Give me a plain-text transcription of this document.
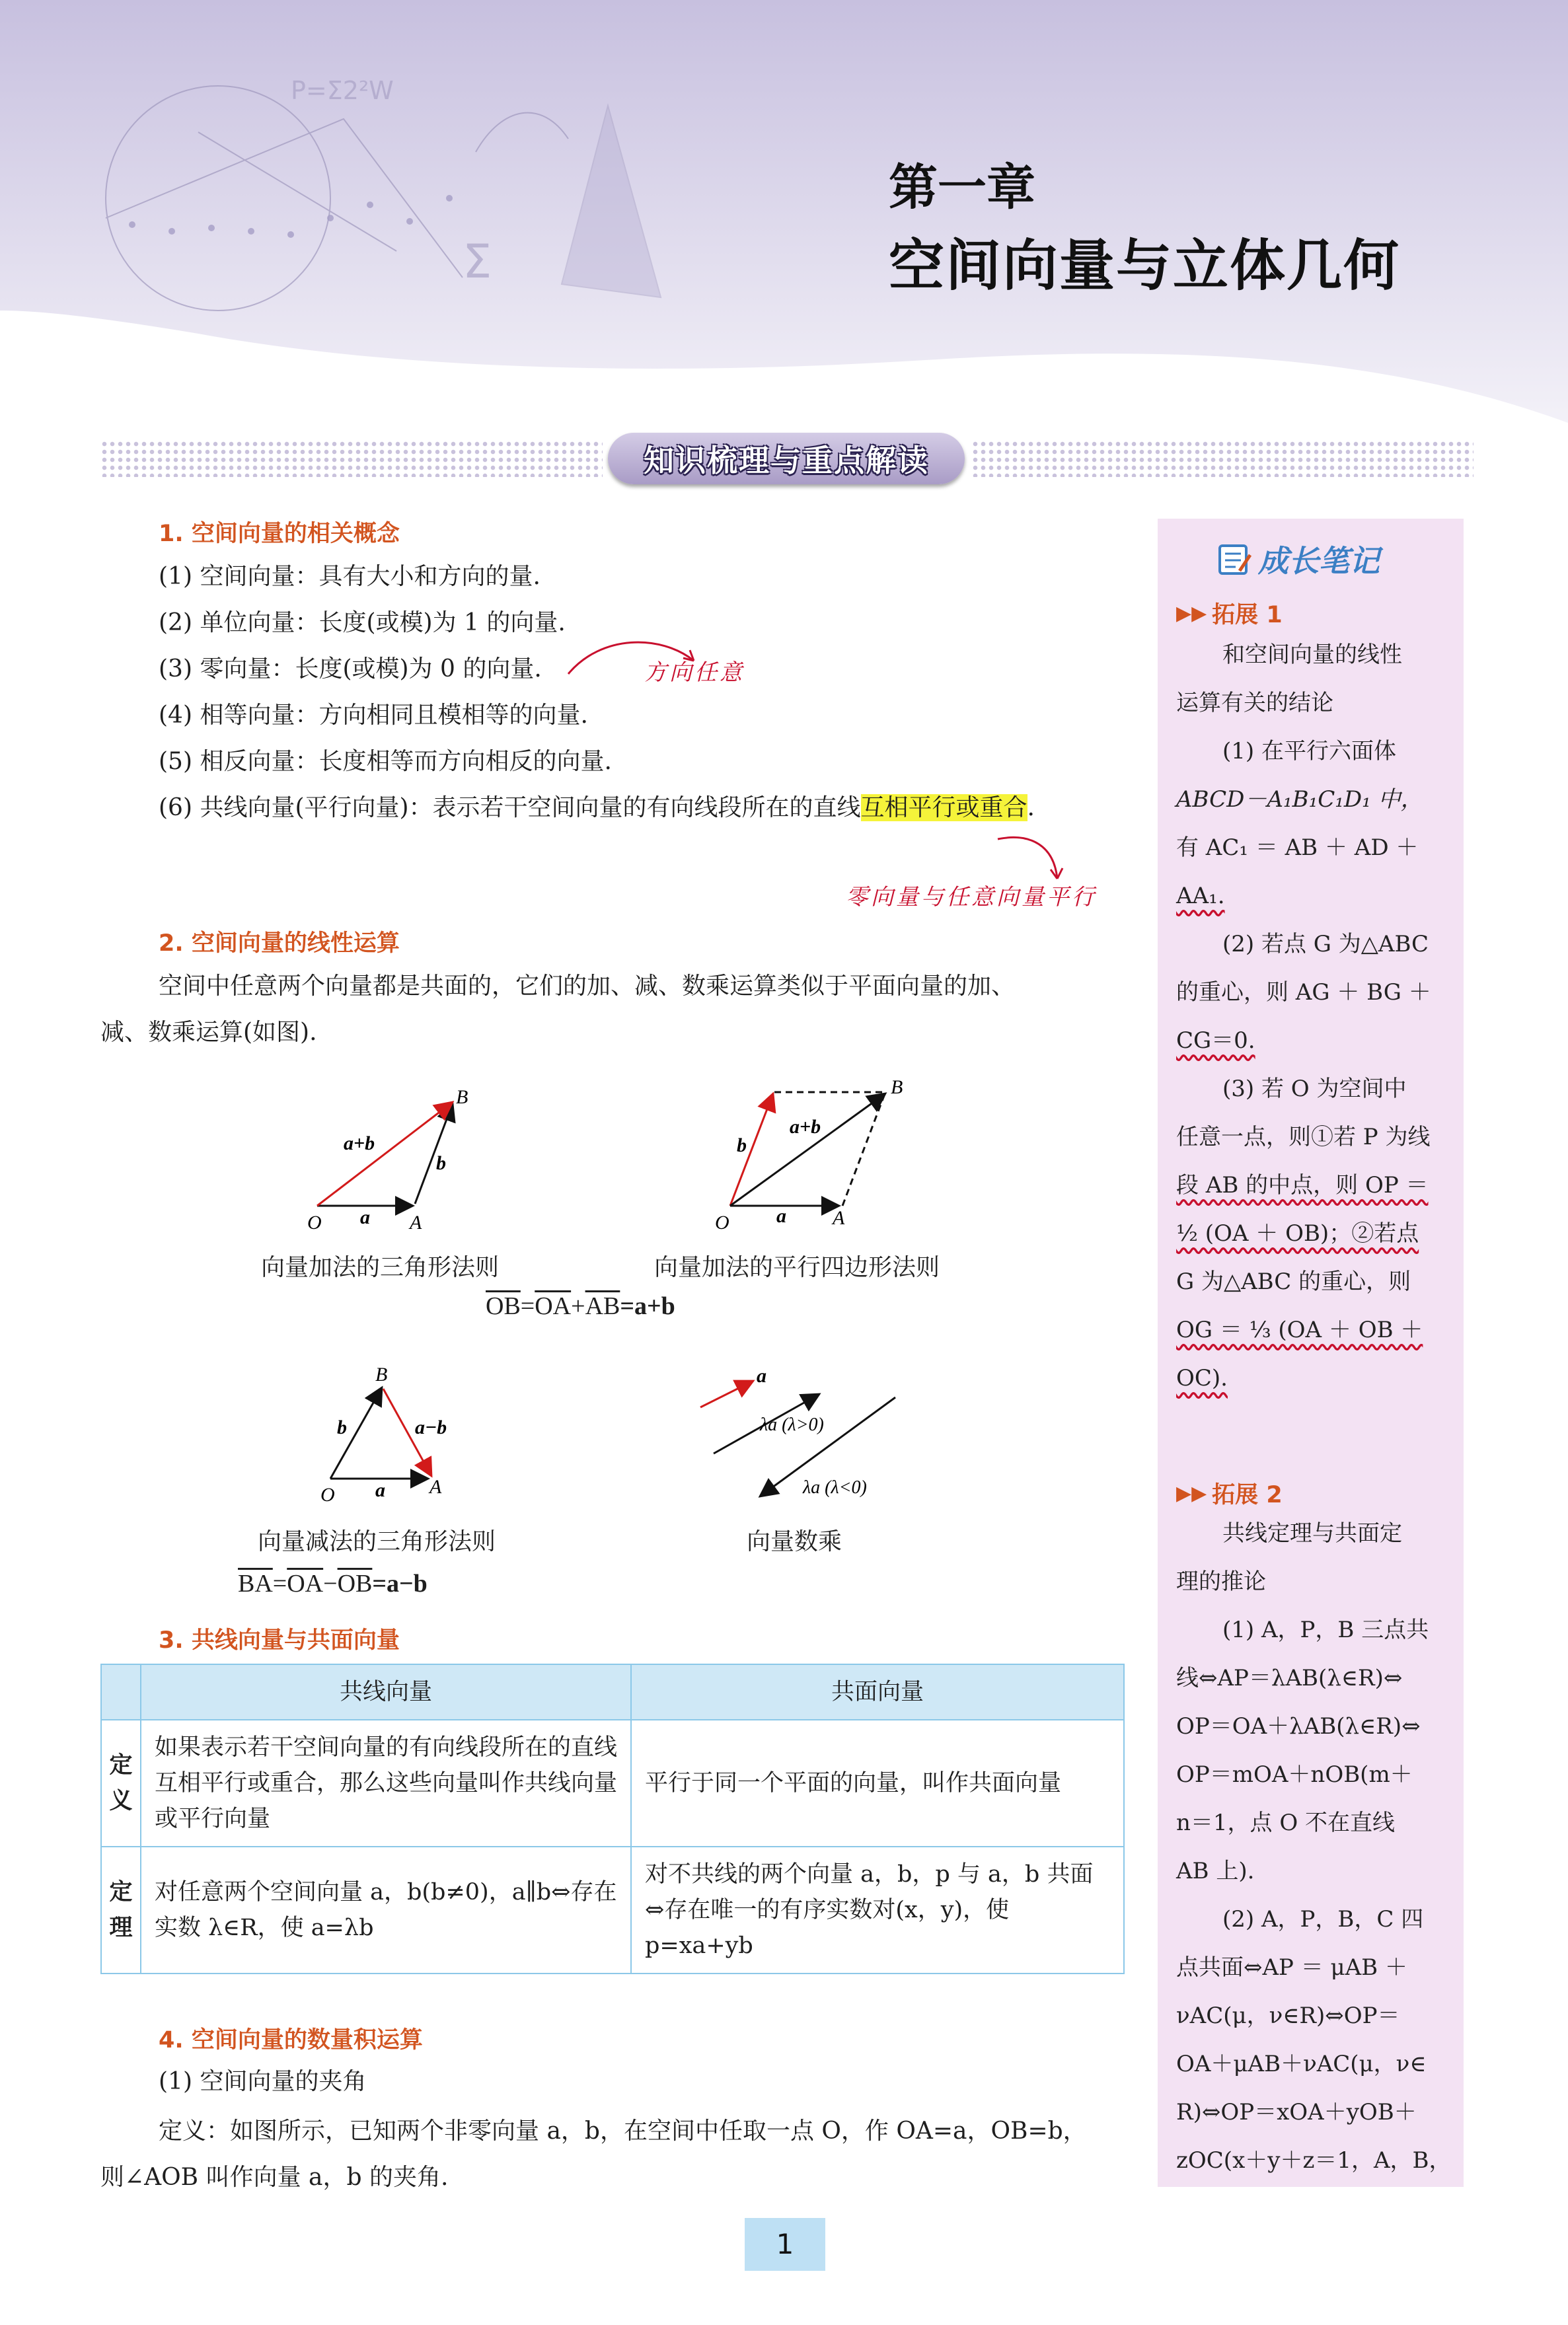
P=Σ2²W
Σ
第一章
空间向量与立体几何
知识梳理与重点解读
1. 空间向量的相关概念
(1) 空间向量：具有大小和方向的量.
(2) 单位向量：长度(或模)为 1 的向量.
(3) 零向量：长度(或模)为 0 的向量.
(4) 相等向量：方向相同且模相等的向量.
(5) 相反向量：长度相等而方向相反的向量.
(6) 共线向量(平行向量)：表示若干空间向量的有向线段所在的直线互相平行或重合.
方向任意
零向量与任意向量平行
2. 空间向量的线性运算
空间中任意两个向量都是共面的，它们的加、减、数乘运算类似于平面向量的加、
减、数乘运算(如图).
O	A
B
a
b
a+b
向量加法的三角形法则
O	A
B
a
b
a+b
向量加法的平行四边形法则
$\overline{OB}=\overline{OA}+\overline{AB}=a+b$
O	A
B
a
b	a−b
向量减法的三角形法则
a
λa (λ>0)
λa (λ<0)
向量数乘
$\overline{BA}=\overline{OA}-\overline{OB}=a-b$
3. 共线向量与共面向量
	共线向量	共面向量
定义	如果表示若干空间向量的有向线段所在的直线互相平行或重合，那么这些向量叫作共线向量或平行向量	平行于同一个平面的向量，叫作共面向量
定理	对任意两个空间向量 a，b(b≠0)，a∥b⇔存在实数 λ∈R，使 a=λb	对不共线的两个向量 a，b，p 与 a，b 共面⇔存在唯一的有序实数对(x，y)，使 p=xa+yb
4. 空间向量的数量积运算
(1) 空间向量的夹角
定义：如图所示，已知两个非零向量 a，b，在空间中任取一点 O，作 OA=a，OB=b，
则∠AOB 叫作向量 a，b 的夹角.
成长笔记
▶▶ 拓展 1

和空间向量的线性

运算有关的结论

(1) 在平行六面体

ABCD－A₁B₁C₁D₁ 中，

有 AC₁ ＝ AB ＋ AD ＋

AA₁.

(2) 若点 G 为△ABC

的重心，则 AG ＋ BG ＋

CG＝0.

(3) 若 O 为空间中

任意一点，则①若 P 为线

段 AB 的中点，则 OP ＝

½ (OA ＋ OB)；②若点

G 为△ABC 的重心，则

OG ＝ ⅓ (OA ＋ OB ＋

OC).

▶▶ 拓展 2

共线定理与共面定

理的推论

(1) A，P，B 三点共

线⇔AP＝λAB(λ∈R)⇔

OP＝OA＋λAB(λ∈R)⇔

OP＝mOA＋nOB(m＋

n＝1，点 O 不在直线

AB 上).

(2) A，P，B，C 四

点共面⇔AP ＝ μAB ＋

νAC(μ，ν∈R)⇔OP＝

OA＋μAB＋νAC(μ，ν∈

R)⇔OP＝xOA＋yOB＋

zOC(x＋y＋z＝1，A，B，

1
